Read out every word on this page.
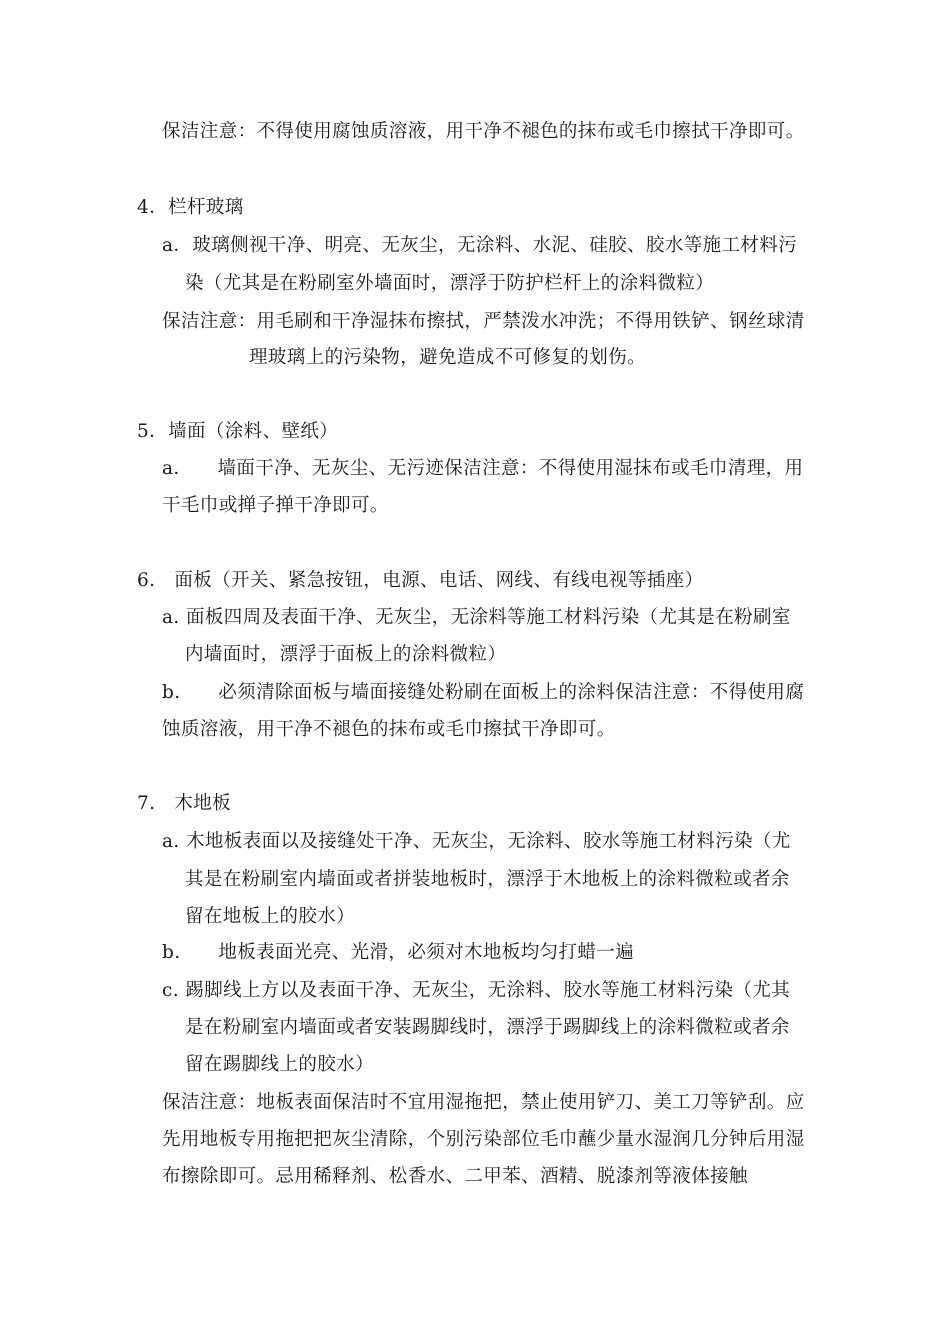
保洁注意：不得使用腐蚀质溶液，用干净不褪色的抹布或毛巾擦拭干净即可。
4．栏杆玻璃
a．玻璃侧视干净、明亮、无灰尘，无涂料、水泥、硅胶、胶水等施工材料污
染（尤其是在粉刷室外墙面时，漂浮于防护栏杆上的涂料微粒）
保洁注意：用毛刷和干净湿抹布擦拭，严禁泼水冲洗；不得用铁铲、钢丝球清
理玻璃上的污染物，避免造成不可修复的划伤。
5．墙面（涂料、壁纸）
a.　　墙面干净、无灰尘、无污迹保洁注意：不得使用湿抹布或毛巾清理，用
干毛巾或掸子掸干净即可。
6.　面板（开关、紧急按钮，电源、电话、网线、有线电视等插座）
a. 面板四周及表面干净、无灰尘，无涂料等施工材料污染（尤其是在粉刷室
内墙面时，漂浮于面板上的涂料微粒）
b.　　必须清除面板与墙面接缝处粉刷在面板上的涂料保洁注意：不得使用腐
蚀质溶液，用干净不褪色的抹布或毛巾擦拭干净即可。
7.　木地板
a. 木地板表面以及接缝处干净、无灰尘，无涂料、胶水等施工材料污染（尤
其是在粉刷室内墙面或者拼装地板时，漂浮于木地板上的涂料微粒或者余
留在地板上的胶水）
b.　　地板表面光亮、光滑，必须对木地板均匀打蜡一遍
c. 踢脚线上方以及表面干净、无灰尘，无涂料、胶水等施工材料污染（尤其
是在粉刷室内墙面或者安装踢脚线时，漂浮于踢脚线上的涂料微粒或者余
留在踢脚线上的胶水）
保洁注意：地板表面保洁时不宜用湿拖把，禁止使用铲刀、美工刀等铲刮。应
先用地板专用拖把把灰尘清除，个别污染部位毛巾蘸少量水湿润几分钟后用湿
布擦除即可。忌用稀释剂、松香水、二甲苯、酒精、脱漆剂等液体接触
